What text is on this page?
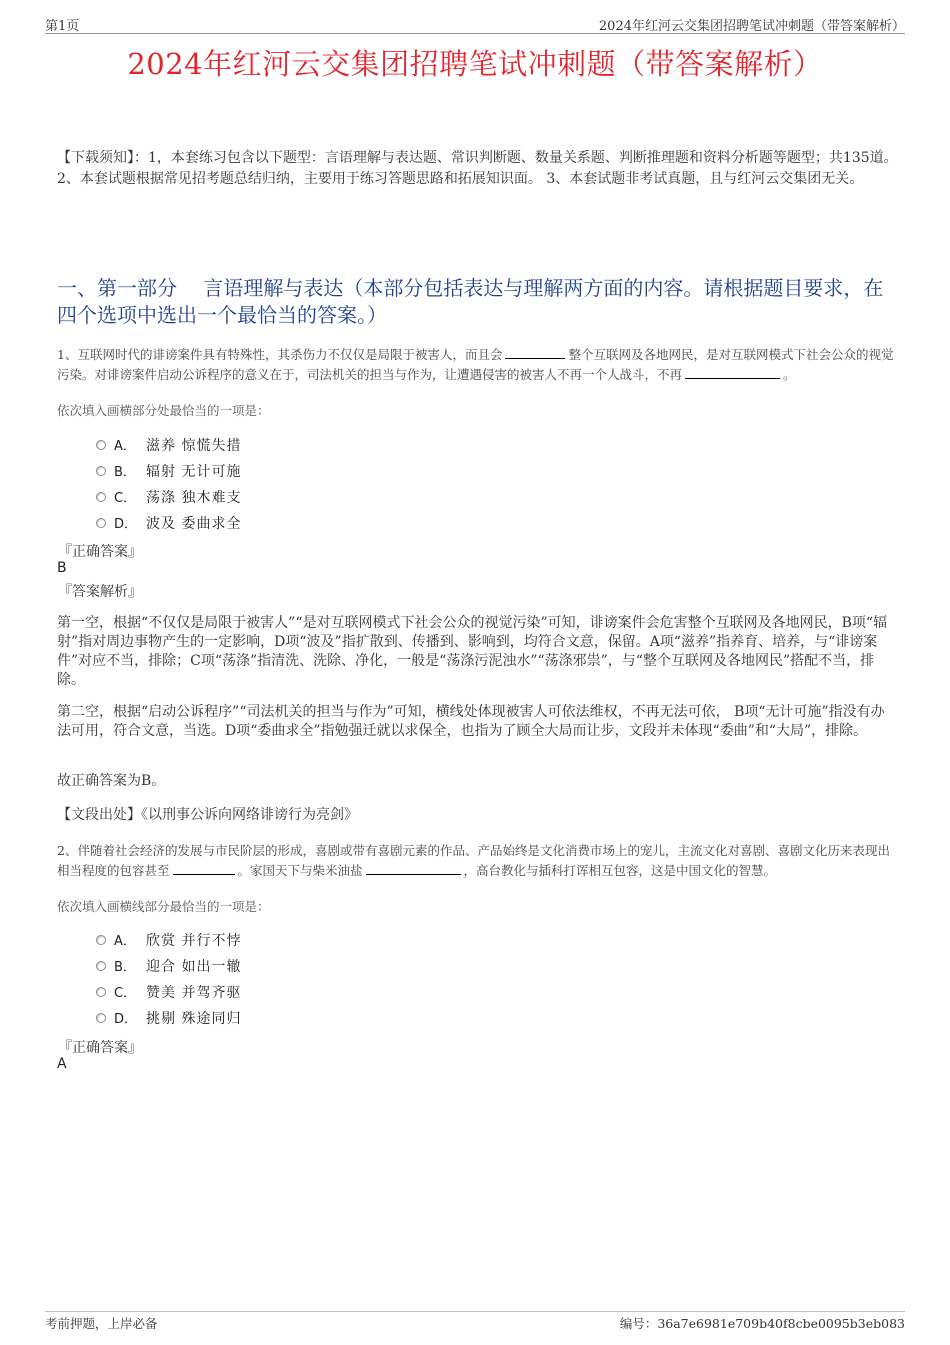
第1页	2024年红河云交集团招聘笔试冲刺题（带答案解析）
2024年红河云交集团招聘笔试冲刺题（带答案解析）
【下载须知】：1，本套练习包含以下题型：言语理解与表达题、常识判断题、数量关系题、判断推理题和资料分析题等题型；共135道。 2、本套试题根据常见招考题总结归纳，主要用于练习答题思路和拓展知识面。 3、本套试题非考试真题，且与红河云交集团无关。
一、第一部分　 言语理解与表达（本部分包括表达与理解两方面的内容。请根据题目要求，在四个选项中选出一个最恰当的答案。）
1、互联网时代的诽谤案件具有特殊性，其杀伤力不仅仅是局限于被害人，而且会	整个互联网及各地网民，是对互联网模式下社会公众的视觉污染。对诽谤案件启动公诉程序的意义在于，司法机关的担当与作为，让遭遇侵害的被害人不再一个人战斗，不再	。
依次填入画横部分处最恰当的一项是：
A． 滋养 惊慌失措
B． 辐射 无计可施
C． 荡涤 独木难支
D． 波及 委曲求全
『正确答案』
B
『答案解析』
第一空，根据“不仅仅是局限于被害人”“是对互联网模式下社会公众的视觉污染”可知，诽谤案件会危害整个互联网及各地网民，B项“辐射”指对周边事物产生的一定影响，D项“波及”指扩散到、传播到、影响到，均符合文意，保留。A项“滋养”指养育、培养，与“诽谤案件”对应不当，排除；C项“荡涤”指清洗、洗除、净化，一般是“荡涤污泥浊水”“荡涤邪祟”，与“整个互联网及各地网民”搭配不当，排除。
第二空，根据“启动公诉程序”“司法机关的担当与作为”可知，横线处体现被害人可依法维权，不再无法可依， B项“无计可施”指没有办法可用，符合文意，当选。D项“委曲求全”指勉强迁就以求保全，也指为了顾全大局而让步，文段并未体现“委曲”和“大局”，排除。
故正确答案为B。
【文段出处】《以刑事公诉向网络诽谤行为亮剑》
2、伴随着社会经济的发展与市民阶层的形成，喜剧或带有喜剧元素的作品、产品始终是文化消费市场上的宠儿，主流文化对喜剧、喜剧文化历来表现出相当程度的包容甚至	。家国天下与柴米油盐	，高台教化与插科打诨相互包容，这是中国文化的智慧。
依次填入画横线部分最恰当的一项是：
A． 欣赏 并行不悖
B． 迎合 如出一辙
C． 赞美 并驾齐驱
D． 挑剔 殊途同归
『正确答案』
A
考前押题，上岸必备	编号：36a7e6981e709b40f8cbe0095b3eb083
